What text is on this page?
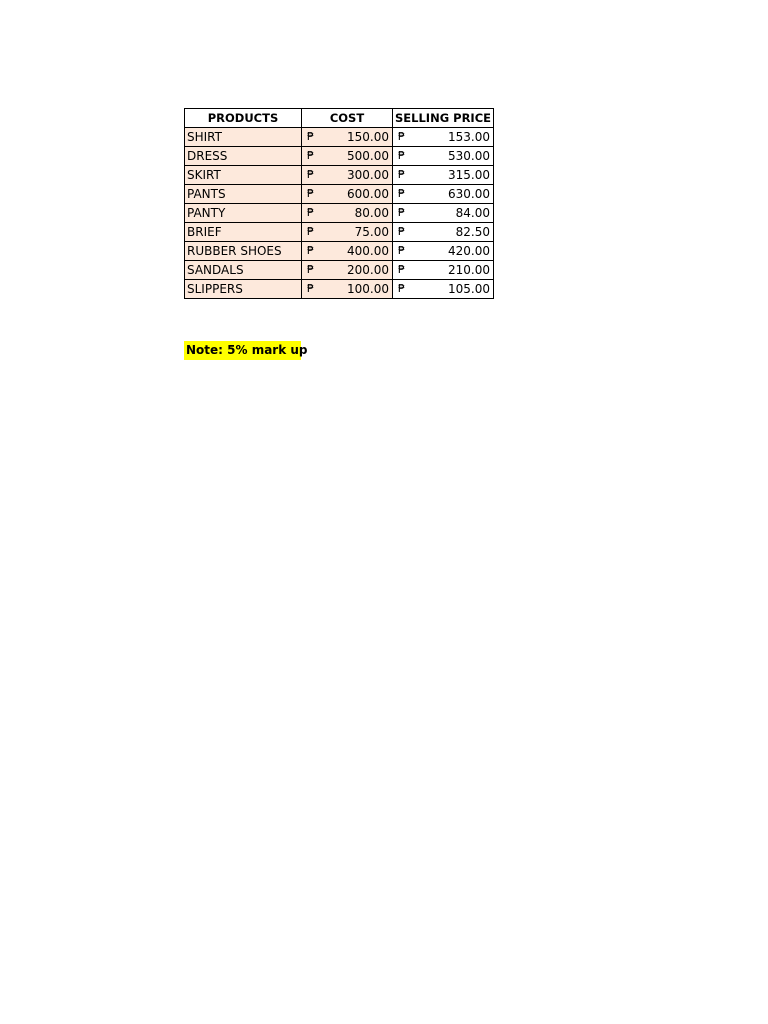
PRODUCTS	COST	SELLING PRICE
SHIRT	₱ 150.00	₱ 153.00

DRESS	₱ 500.00	₱ 530.00

SKIRT	₱ 300.00	₱ 315.00

PANTS	₱ 600.00	₱ 630.00

PANTY	₱ 80.00	₱ 84.00

BRIEF	₱ 75.00	₱ 82.50

RUBBER SHOES	₱ 400.00	₱ 420.00

SANDALS	₱ 200.00	₱ 210.00

SLIPPERS	₱ 100.00	₱ 105.00
Note: 5% mark up
